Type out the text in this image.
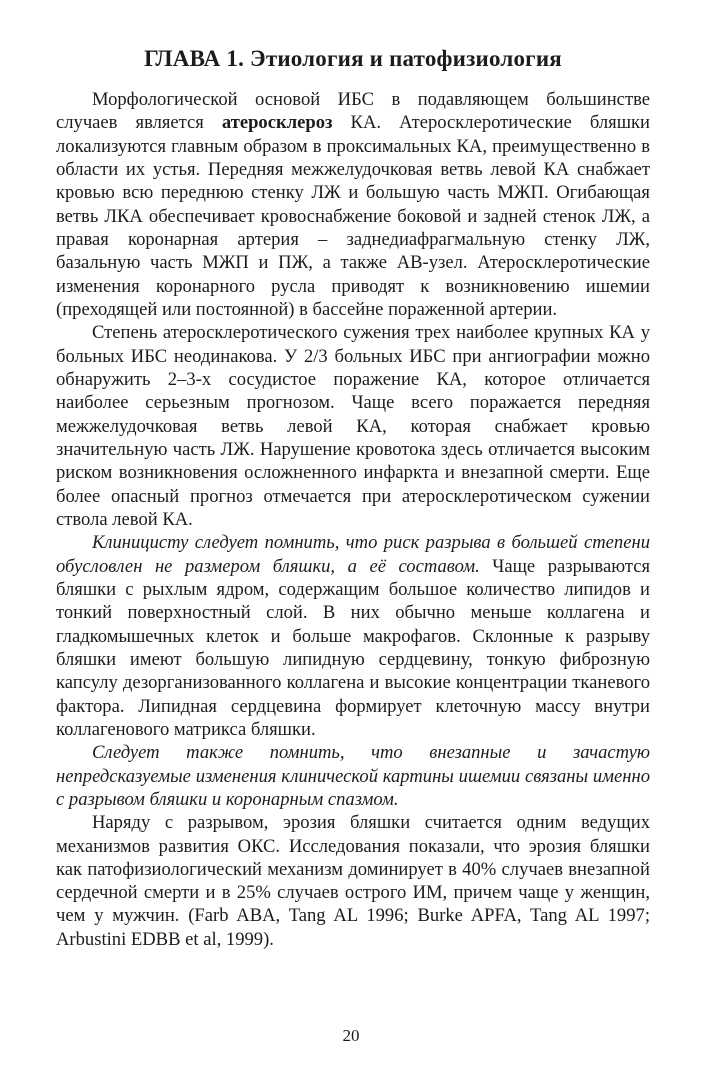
ГЛАВА 1. Этиология и патофизиология

Морфологической основой ИБС в подавляющем большинстве случаев является атеросклероз КА. Атеросклеротические бляшки локализуются главным образом в проксимальных КА, преимущественно в области их устья. Передняя межжелудочковая ветвь левой КА снабжает кровью всю переднюю стенку ЛЖ и большую часть МЖП. Огибающая ветвь ЛКА обеспечивает кровоснабжение боковой и задней стенок ЛЖ, а правая коронарная артерия – заднедиафрагмальную стенку ЛЖ, базальную часть МЖП и ПЖ, а также АВ-узел. Атеросклеротические изменения коронарного русла приводят к возникновению ишемии (преходящей или постоянной) в бассейне пораженной артерии.

Степень атеросклеротического сужения трех наиболее крупных КА у больных ИБС неодинакова. У 2/3 больных ИБС при ангиографии можно обнаружить 2–3-х сосудистое поражение КА, которое отличается наиболее серьезным прогнозом. Чаще всего поражается передняя межжелудочковая ветвь левой КА, которая снабжает кровью значительную часть ЛЖ. Нарушение кровотока здесь отличается высоким риском возникновения осложненного инфаркта и внезапной смерти. Еще более опасный прогноз отмечается при атеросклеротическом сужении ствола левой КА.

Клиницисту следует помнить, что риск разрыва в большей степени обусловлен не размером бляшки, а её составом. Чаще разрываются бляшки с рыхлым ядром, содержащим большое количество липидов и тонкий поверхностный слой. В них обычно меньше коллагена и гладкомышечных клеток и больше макрофагов. Склонные к разрыву бляшки имеют большую липидную сердцевину, тонкую фиброзную капсулу дезорганизованного коллагена и высокие концентрации тканевого фактора. Липидная сердцевина формирует клеточную массу внутри коллагенового матрикса бляшки.

Следует также помнить, что внезапные и зачастую непредсказуемые изменения клинической картины ишемии связаны именно с разрывом бляшки и коронарным спазмом.

Наряду с разрывом, эрозия бляшки считается одним ведущих механизмов развития ОКС. Исследования показали, что эрозия бляшки как патофизиологический механизм доминирует в 40% случаев внезапной сердечной смерти и в 25% случаев острого ИМ, причем чаще у женщин, чем у мужчин. (Farb ABA, Tang AL 1996; Burke APFA, Tang AL 1997; Arbustini EDBB et al, 1999).

20
